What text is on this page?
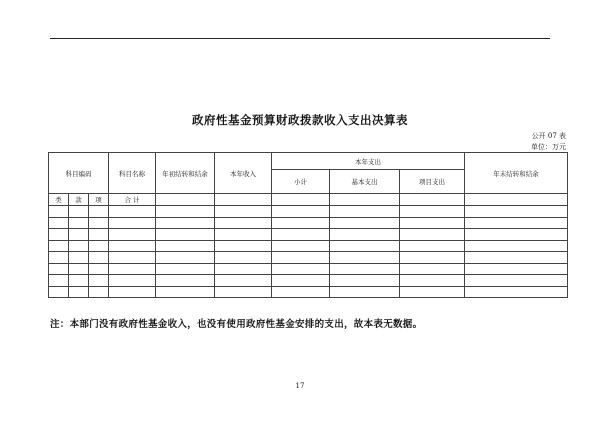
政府性基金预算财政拨款收入支出决算表
公开 07 表
单位：万元
科目编码			科目名称	年初结转和结余	本年收入	本年支出			年末结转和结余
						小计	基本支出	项目支出	
类	款	项	合 计						

注：本部门没有政府性基金收入，也没有使用政府性基金安排的支出，故本表无数据。
17
